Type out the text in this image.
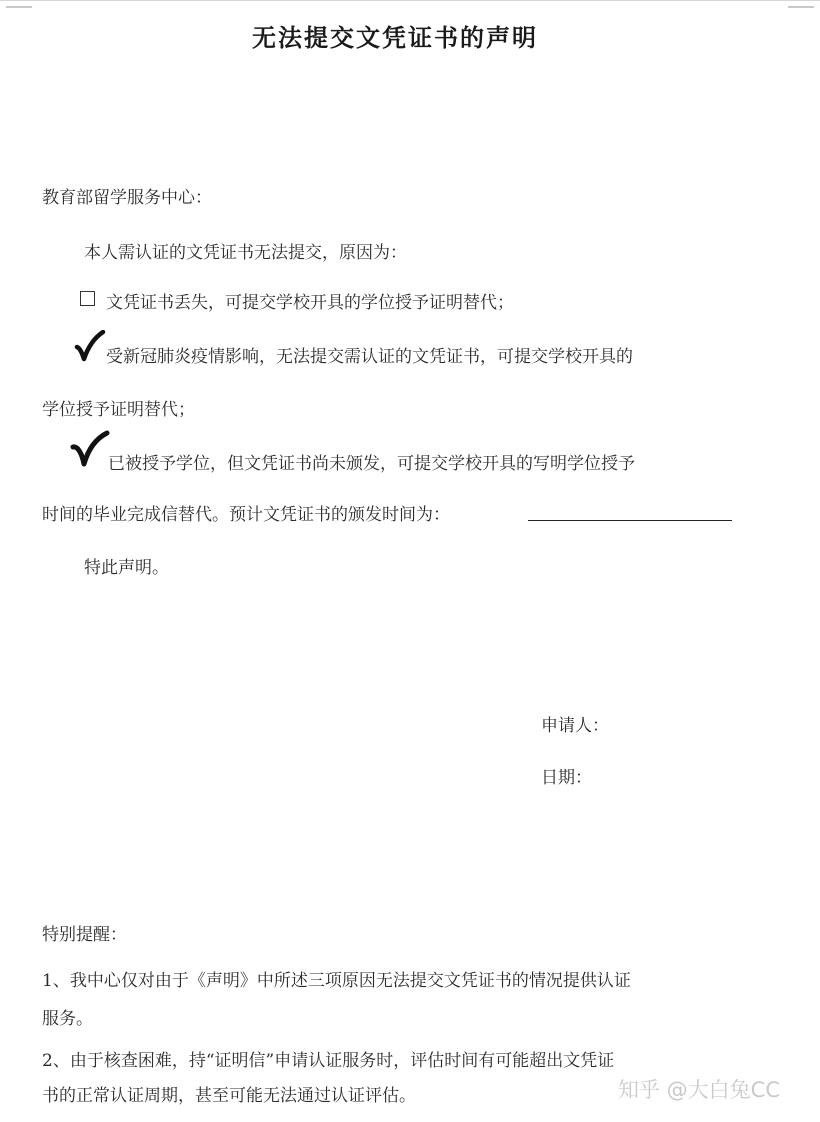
无法提交文凭证书的声明
教育部留学服务中心：
本人需认证的文凭证书无法提交，原因为：
文凭证书丢失，可提交学校开具的学位授予证明替代；
受新冠肺炎疫情影响，无法提交需认证的文凭证书，可提交学校开具的
学位授予证明替代；
已被授予学位，但文凭证书尚未颁发，可提交学校开具的写明学位授予
时间的毕业完成信替代。预计文凭证书的颁发时间为：
特此声明。
申请人：
日期：
特别提醒：
1、我中心仅对由于《声明》中所述三项原因无法提交文凭证书的情况提供认证
服务。
2、由于核查困难，持“证明信”申请认证服务时，评估时间有可能超出文凭证
书的正常认证周期，甚至可能无法通过认证评估。	知乎 @大白兔CC
